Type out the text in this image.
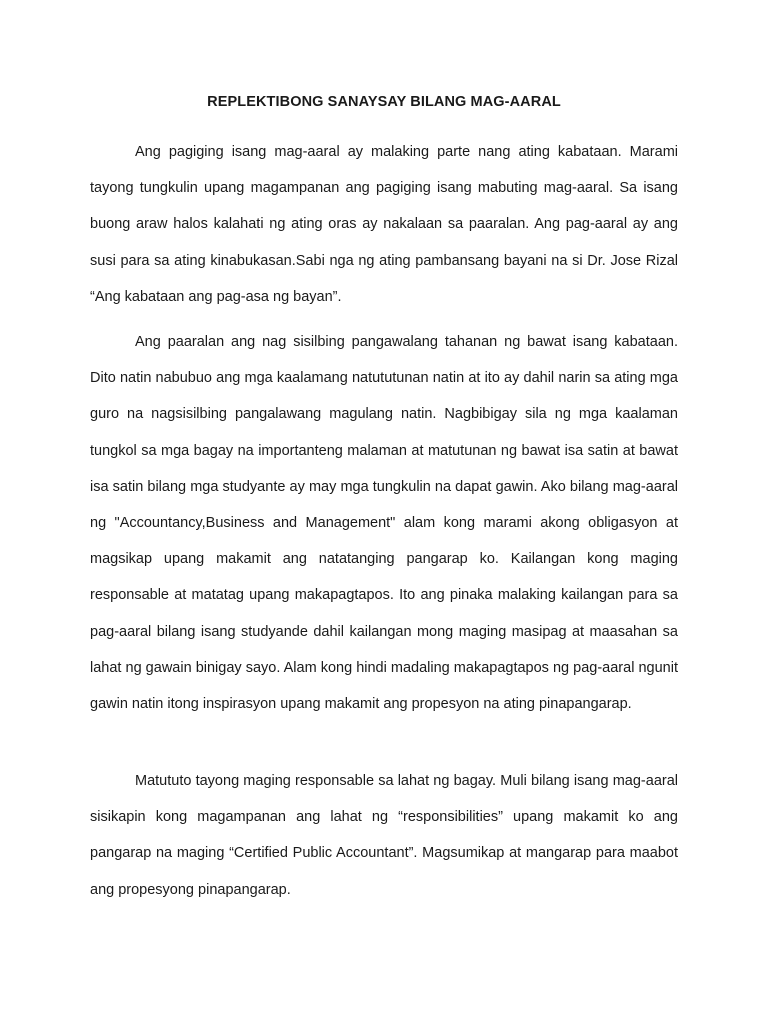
REPLEKTIBONG SANAYSAY BILANG MAG-AARAL

Ang pagiging isang mag-aaral ay malaking parte nang ating kabataan. Marami tayong tungkulin upang magampanan ang pagiging isang mabuting mag-aaral. Sa isang buong araw halos kalahati ng ating oras ay nakalaan sa paaralan. Ang pag-aaral ay ang susi para sa ating kinabukasan.Sabi nga ng ating pambansang bayani na si Dr. Jose Rizal “Ang kabataan ang pag-asa ng bayan”.

Ang paaralan ang nag sisilbing pangawalang tahanan ng bawat isang kabataan. Dito natin nabubuo ang mga kaalamang natututunan natin at ito ay dahil narin sa ating mga guro na nagsisilbing pangalawang magulang natin. Nagbibigay sila ng mga kaalaman tungkol sa mga bagay na importanteng malaman at matutunan ng bawat isa satin at bawat isa satin bilang mga studyante ay may mga tungkulin na dapat gawin. Ako bilang mag-aaral ng "Accountancy,Business and Management" alam kong marami akong obligasyon at magsikap upang makamit ang natatanging pangarap ko. Kailangan kong maging responsable at matatag upang makapagtapos. Ito ang pinaka malaking kailangan para sa pag-aaral bilang isang studyande dahil kailangan mong maging masipag at maasahan sa lahat ng gawain binigay sayo. Alam kong hindi madaling makapagtapos ng pag-aaral ngunit gawin natin itong inspirasyon upang makamit ang propesyon na ating pinapangarap.

Matututo tayong maging responsable sa lahat ng bagay. Muli bilang isang mag-aaral sisikapin kong magampanan ang lahat ng “responsibilities” upang makamit ko ang pangarap na maging “Certified Public Accountant”. Magsumikap at mangarap para maabot ang propesyong pinapangarap.
